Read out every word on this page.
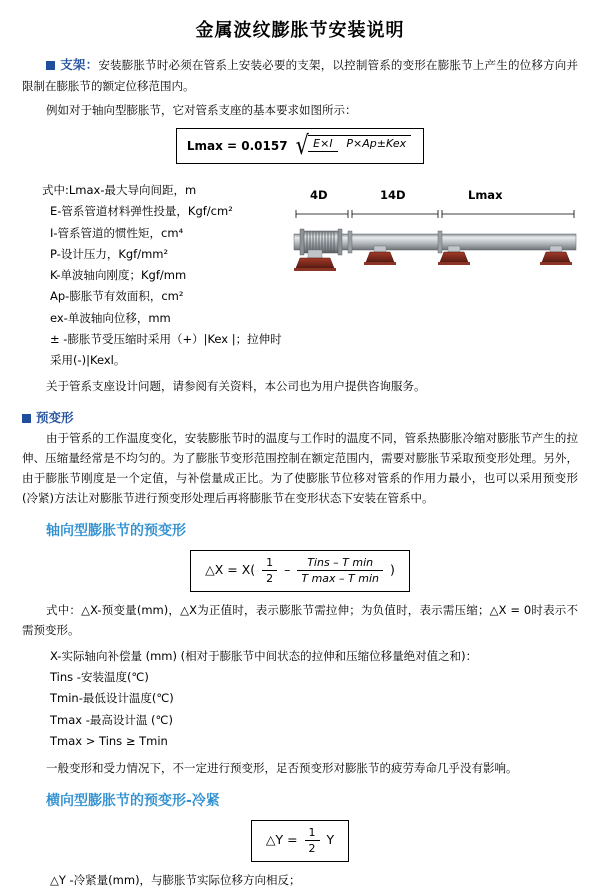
金属波纹膨胀节安装说明
支架：安装膨胀节时必须在管系上安装必要的支架，以控制管系的变形在膨胀节上产生的位移方向并限制在膨胀节的额定位移范围内。
例如对于轴向型膨胀节，它对管系支座的基本要求如图所示：
Lmax = 0.0157 √ E×I P×Ap±Kex
4D	14D	Lmax
式中:Lmax-最大导向间距，m
E-管系管道材料弹性投量，Kgf/cm²
I-管系管道的惯性矩，cm⁴
P-设计压力，Kgf/mm²
K-单波轴向刚度；Kgf/mm
Ap-膨胀节有效面积，cm²
ex-单波轴向位移，mm
± -膨胀节受压缩时采用（+）|Kex |；拉伸时采用(-)|Kexl。
关于管系支座设计问题，请参阅有关资料，本公司也为用户提供咨询服务。
预变形
由于管系的工作温度变化，安装膨胀节时的温度与工作时的温度不同，管系热膨胀冷缩对膨胀节产生的拉伸、压缩量经常是不均匀的。为了膨胀节变形范围控制在额定范围内，需要对膨胀节采取预变形处理。另外，由于膨胀节刚度是一个定值，与补偿量成正比。为了使膨胀节位移对管系的作用力最小，也可以采用预变形(冷紧)方法让对膨胀节进行预变形处理后再将膨胀节在变形状态下安装在管系中。
轴向型膨胀节的预变形
△X = $X( \frac{1}{2}$ –	Tins – T min
T max – T min
)
式中：△X-预变量(mm)，△X为正值时，表示膨胀节需拉伸；为负值时，表示需压缩；△X = 0时表示不需预变形。
X-实际轴向补偿量 (mm) (相对于膨胀节中间状态的拉伸和压缩位移量绝对值之和)：
Tins -安装温度(℃)
Tmin-最低设计温度(℃)
Tmax -最高设计温 (℃)
Tmax > Tins ≥ Tmin
一般变形和受力情况下，不一定进行预变形，足否预变形对膨胀节的疲劳寿命几乎没有影响。
横向型膨胀节的预变形-冷紧
△Y = $\frac{1}{2}$ Y
△Y -冷紧量(mm)，与膨胀节实际位移方向相反；
